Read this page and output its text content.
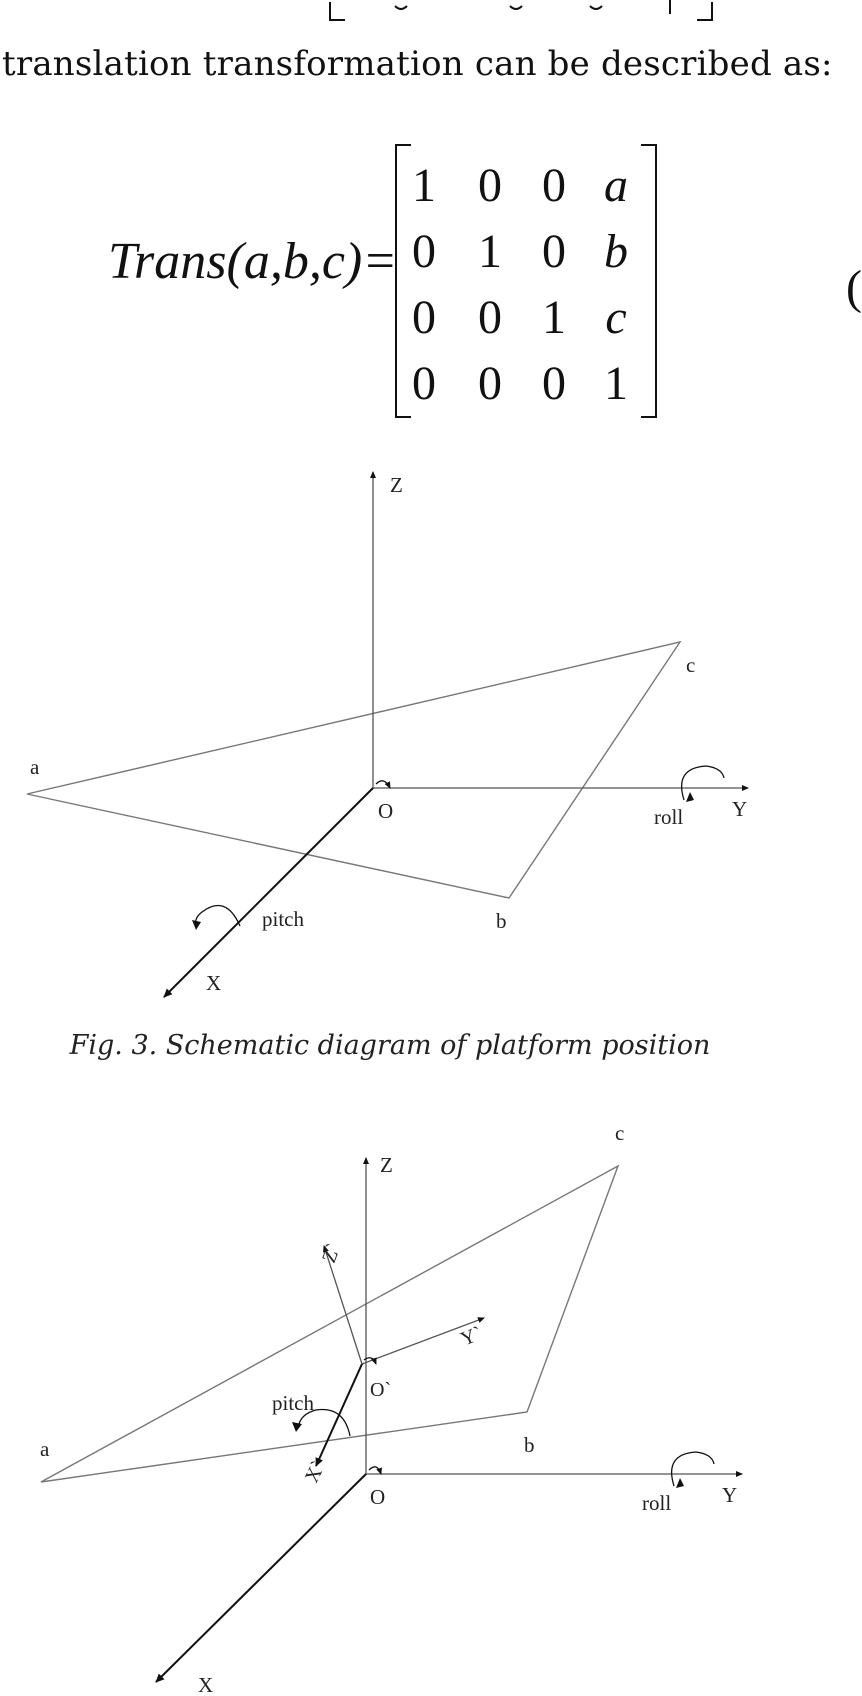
translation transformation can be described as:
Trans(a,b,c)=
1 0 0 a
0 1 0 b
0 0 1 c
0 0 0 1
(
Z
a
c
O	roll Y
pitch	b
X
Fig. 3. Schematic diagram of platform position
c
Z
Z`
Y`
O`
pitch
a	b
X`
O	roll Y
X
